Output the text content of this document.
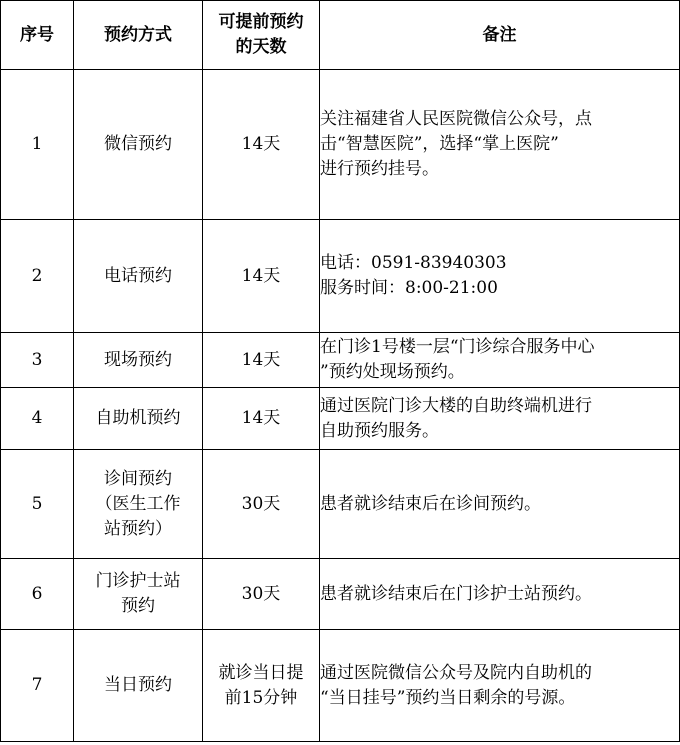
序号	预约方式	可提前预约
的天数	备注

1	微信预约	14天	关注福建省人民医院微信公众号，点
击“智慧医院”，选择“掌上医院”
进行预约挂号。

2	电话预约	14天	电话：0591-83940303
服务时间：8:00-21:00

3	现场预约	14天	在门诊1号楼一层“门诊综合服务中心
”预约处现场预约。

4	自助机预约	14天	通过医院门诊大楼的自助终端机进行
自助预约服务。

5	诊间预约
（医生工作
站预约）	30天	患者就诊结束后在诊间预约。

6	门诊护士站
预约	30天	患者就诊结束后在门诊护士站预约。

7	当日预约	就诊当日提
前15分钟	通过医院微信公众号及院内自助机的
“当日挂号”预约当日剩余的号源。
